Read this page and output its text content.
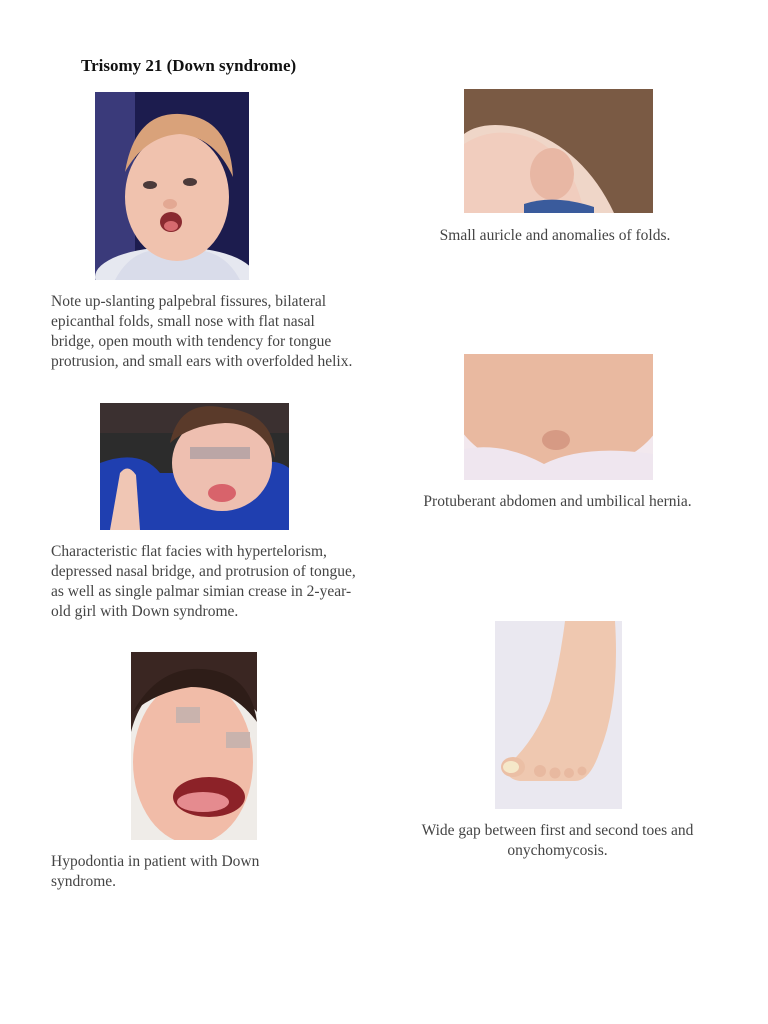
Trisomy 21 (Down syndrome)
Note up-slanting palpebral fissures, bilateral epicanthal folds, small nose with flat nasal bridge, open mouth with tendency for tongue protrusion, and small ears with overfolded helix.
Characteristic flat facies with hypertelorism, depressed nasal bridge, and protrusion of tongue, as well as single palmar simian crease in 2-year-old girl with Down syndrome.
Hypodontia in patient with Down syndrome.
Small auricle and anomalies of folds.
Protuberant abdomen and umbilical hernia.
Wide gap between first and second toes and onychomycosis.
